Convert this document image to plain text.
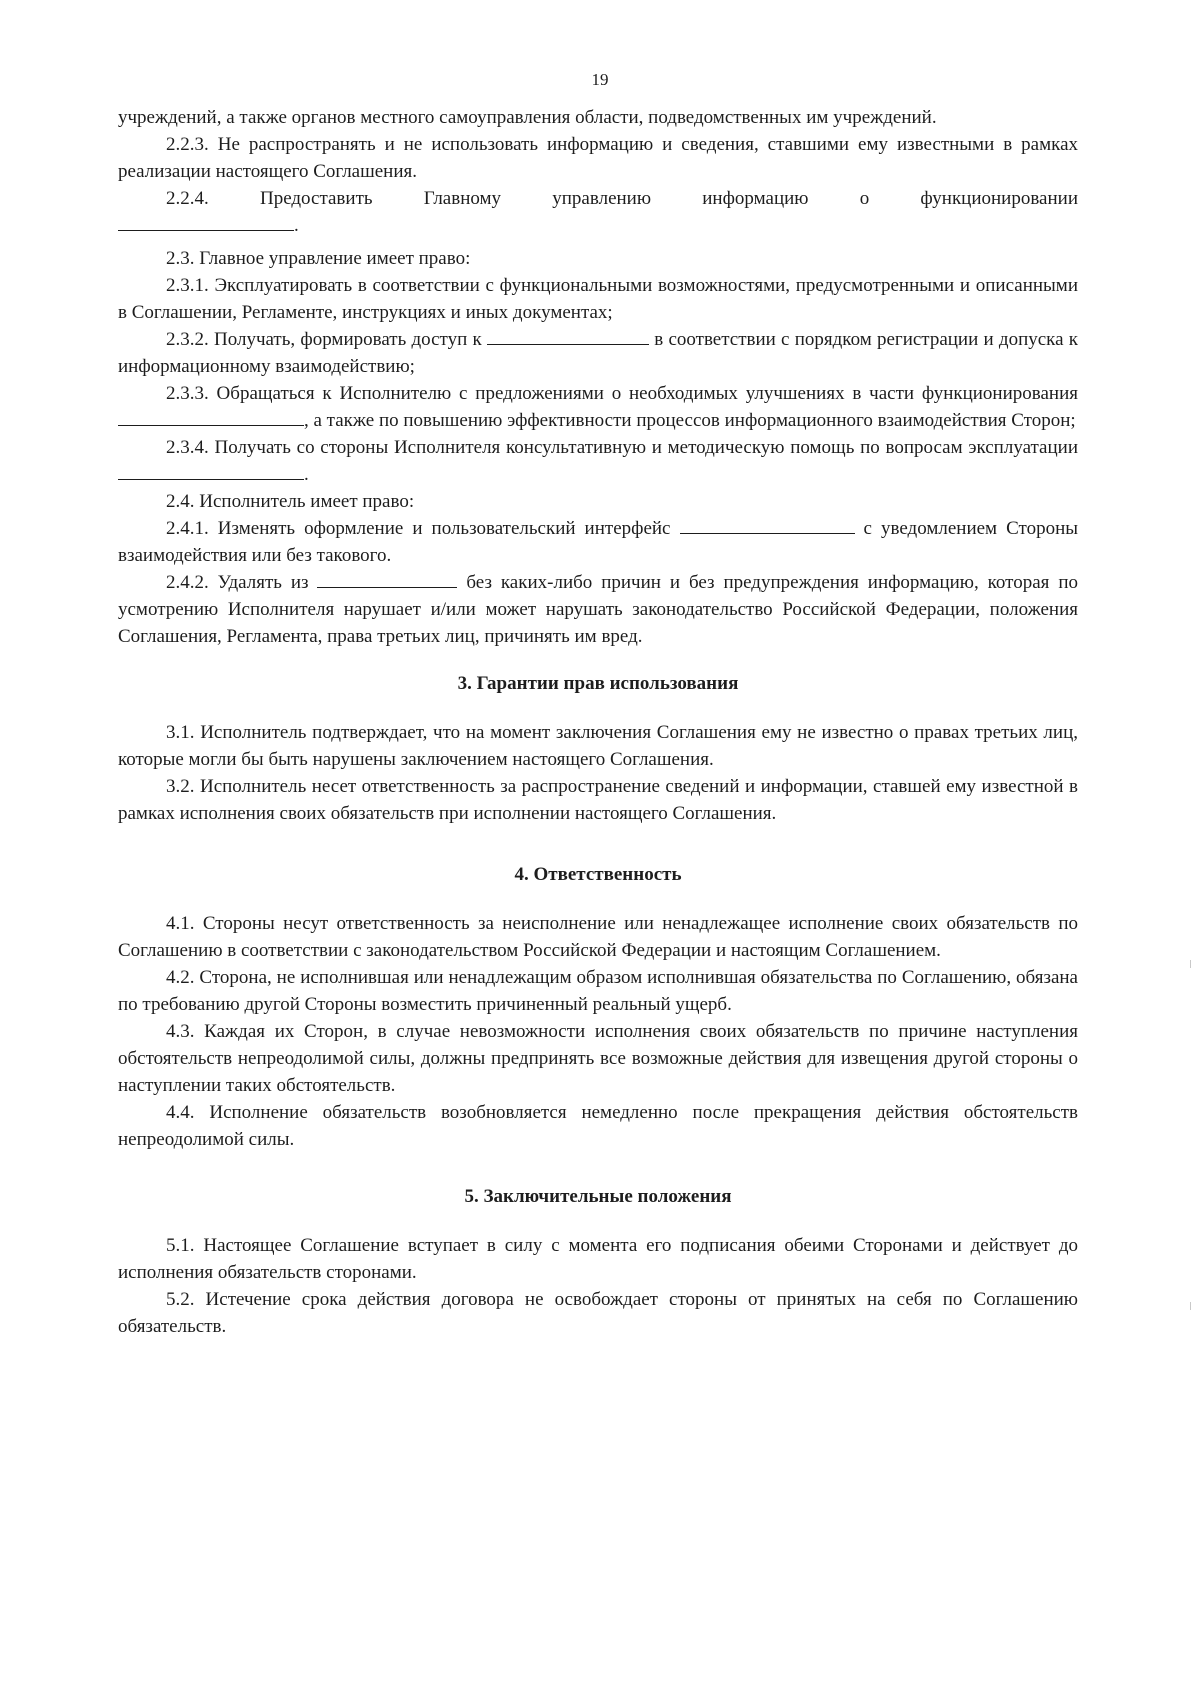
19

учреждений, а также органов местного самоуправления области, подведомственных им учреждений.

2.2.3. Не распространять и не использовать информацию и сведения, ставшими ему известными в рамках реализации настоящего Соглашения.

2.2.4. Предоставить Главному управлению информацию о функционировании

.

2.3. Главное управление имеет право:

2.3.1. Эксплуатировать в соответствии с функциональными возможностями, предусмотренными и описанными в Соглашении, Регламенте, инструкциях и иных документах;

2.3.2. Получать, формировать доступ к	в соответствии с порядком регистрации и допуска к информационному взаимодействию;

2.3.3. Обращаться к Исполнителю с предложениями о необходимых улучшениях в части функционирования , а также по повышению эффективности процессов информационного взаимодействия Сторон;

2.3.4. Получать со стороны Исполнителя консультативную и методическую помощь по вопросам эксплуатации .

2.4. Исполнитель имеет право:

2.4.1. Изменять оформление и пользовательский интерфейс	с уведомлением Стороны взаимодействия или без такового.

2.4.2. Удалять из	без каких-либо причин и без предупреждения информацию, которая по усмотрению Исполнителя нарушает и/или может нарушать законодательство Российской Федерации, положения Соглашения, Регламента, права третьих лиц, причинять им вред.

3. Гарантии прав использования

3.1. Исполнитель подтверждает, что на момент заключения Соглашения ему не известно о правах третьих лиц, которые могли бы быть нарушены заключением настоящего Соглашения.

3.2. Исполнитель несет ответственность за распространение сведений и информации, ставшей ему известной в рамках исполнения своих обязательств при исполнении настоящего Соглашения.

4. Ответственность

4.1. Стороны несут ответственность за неисполнение или ненадлежащее исполнение своих обязательств по Соглашению в соответствии с законодательством Российской Федерации и настоящим Соглашением.

4.2. Сторона, не исполнившая или ненадлежащим образом исполнившая обязательства по Соглашению, обязана по требованию другой Стороны возместить причиненный реальный ущерб.

4.3. Каждая их Сторон, в случае невозможности исполнения своих обязательств по причине наступления обстоятельств непреодолимой силы, должны предпринять все возможные действия для извещения другой стороны о наступлении таких обстоятельств.

4.4. Исполнение обязательств возобновляется немедленно после прекращения действия обстоятельств непреодолимой силы.

5. Заключительные положения

5.1. Настоящее Соглашение вступает в силу с момента его подписания обеими Сторонами и действует до исполнения обязательств сторонами.

5.2. Истечение срока действия договора не освобождает стороны от принятых на себя по Соглашению обязательств.
